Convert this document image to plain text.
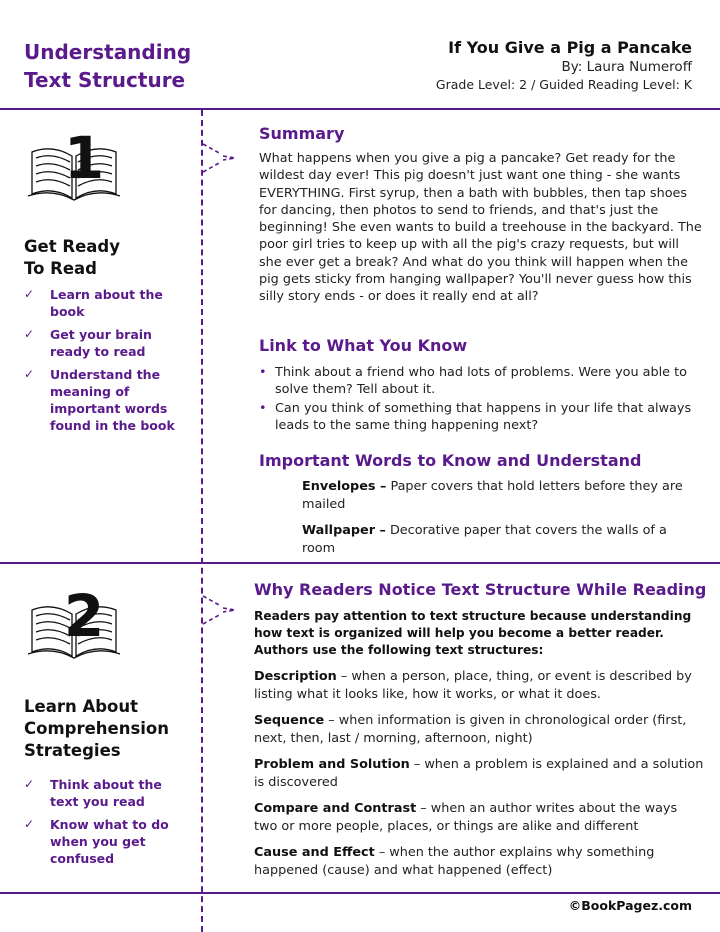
Understanding
Text Structure
If You Give a Pig a Pancake
By: Laura Numeroff
Grade Level: 2 / Guided Reading Level: K
1
Get Ready
To Read
✓	Learn about the book
✓	Get your brain ready to read
✓	Understand the meaning of important words found in the book
Summary
What happens when you give a pig a pancake? Get ready for the wildest day ever! This pig doesn't just want one thing - she wants EVERYTHING. First syrup, then a bath with bubbles, then tap shoes for dancing, then photos to send to friends, and that's just the beginning! She even wants to build a treehouse in the backyard. The poor girl tries to keep up with all the pig's crazy requests, but will she ever get a break? And what do you think will happen when the pig gets sticky from hanging wallpaper? You'll never guess how this silly story ends - or does it really end at all?
Link to What You Know
• Think about a friend who had lots of problems. Were you able to solve them? Tell about it.
• Can you think of something that happens in your life that always leads to the same thing happening next?
Important Words to Know and Understand
Envelopes – Paper covers that hold letters before they are mailed
Wallpaper – Decorative paper that covers the walls of a room
2
Learn About
Comprehension
Strategies
✓	Think about the text you read
✓	Know what to do when you get confused
Why Readers Notice Text Structure While Reading
Readers pay attention to text structure because understanding how text is organized will help you become a better reader. Authors use the following text structures:
Description – when a person, place, thing, or event is described by listing what it looks like, how it works, or what it does.
Sequence – when information is given in chronological order (first, next, then, last / morning, afternoon, night)
Problem and Solution – when a problem is explained and a solution is discovered
Compare and Contrast – when an author writes about the ways two or more people, places, or things are alike and different
Cause and Effect – when the author explains why something happened (cause) and what happened (effect)
©BookPagez.com
